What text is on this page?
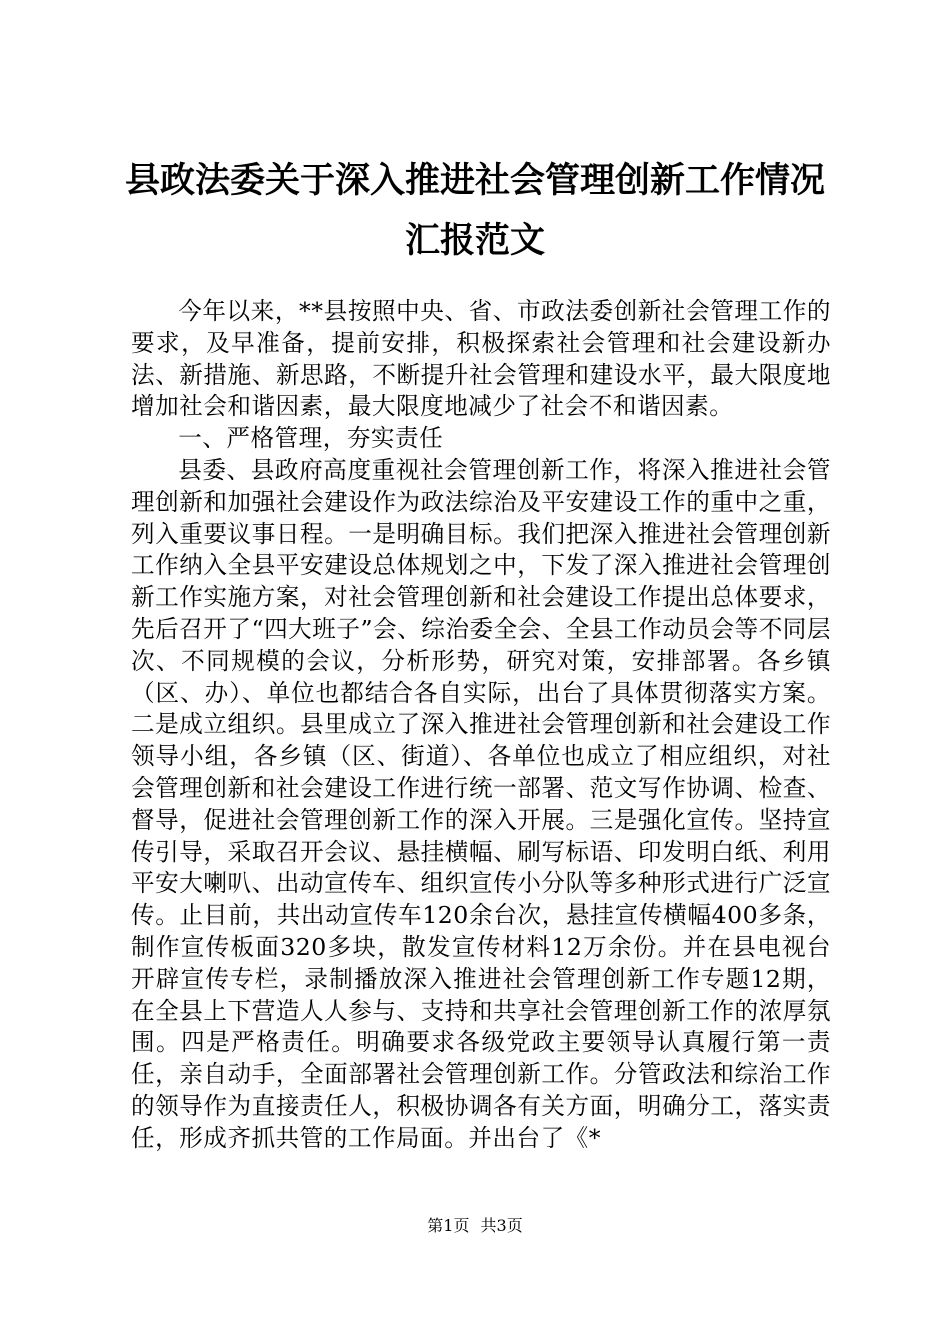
县政法委关于深入推进社会管理创新工作情况
汇报范文

今年以来，**县按照中央、省、市政法委创新社会管理工作的要求，及早准备，提前安排，积极探索社会管理和社会建设新办法、新措施、新思路，不断提升社会管理和建设水平，最大限度地增加社会和谐因素，最大限度地减少了社会不和谐因素。

一、严格管理，夯实责任

县委、县政府高度重视社会管理创新工作，将深入推进社会管理创新和加强社会建设作为政法综治及平安建设工作的重中之重，列入重要议事日程。一是明确目标。我们把深入推进社会管理创新工作纳入全县平安建设总体规划之中，下发了深入推进社会管理创新工作实施方案，对社会管理创新和社会建设工作提出总体要求，先后召开了“四大班子”会、综治委全会、全县工作动员会等不同层次、不同规模的会议，分析形势，研究对策，安排部署。各乡镇（区、办）、单位也都结合各自实际，出台了具体贯彻落实方案。二是成立组织。县里成立了深入推进社会管理创新和社会建设工作领导小组，各乡镇（区、街道）、各单位也成立了相应组织，对社会管理创新和社会建设工作进行统一部署、范文写作协调、检查、督导，促进社会管理创新工作的深入开展。三是强化宣传。坚持宣传引导，采取召开会议、悬挂横幅、刷写标语、印发明白纸、利用平安大喇叭、出动宣传车、组织宣传小分队等多种形式进行广泛宣传。止目前，共出动宣传车120余台次，悬挂宣传横幅400多条，制作宣传板面320多块，散发宣传材料12万余份。并在县电视台开辟宣传专栏，录制播放深入推进社会管理创新工作专题12期，在全县上下营造人人参与、支持和共享社会管理创新工作的浓厚氛围。四是严格责任。明确要求各级党政主要领导认真履行第一责任，亲自动手，全面部署社会管理创新工作。分管政法和综治工作的领导作为直接责任人，积极协调各有关方面，明确分工，落实责任，形成齐抓共管的工作局面。并出台了《*

第1页 共3页
